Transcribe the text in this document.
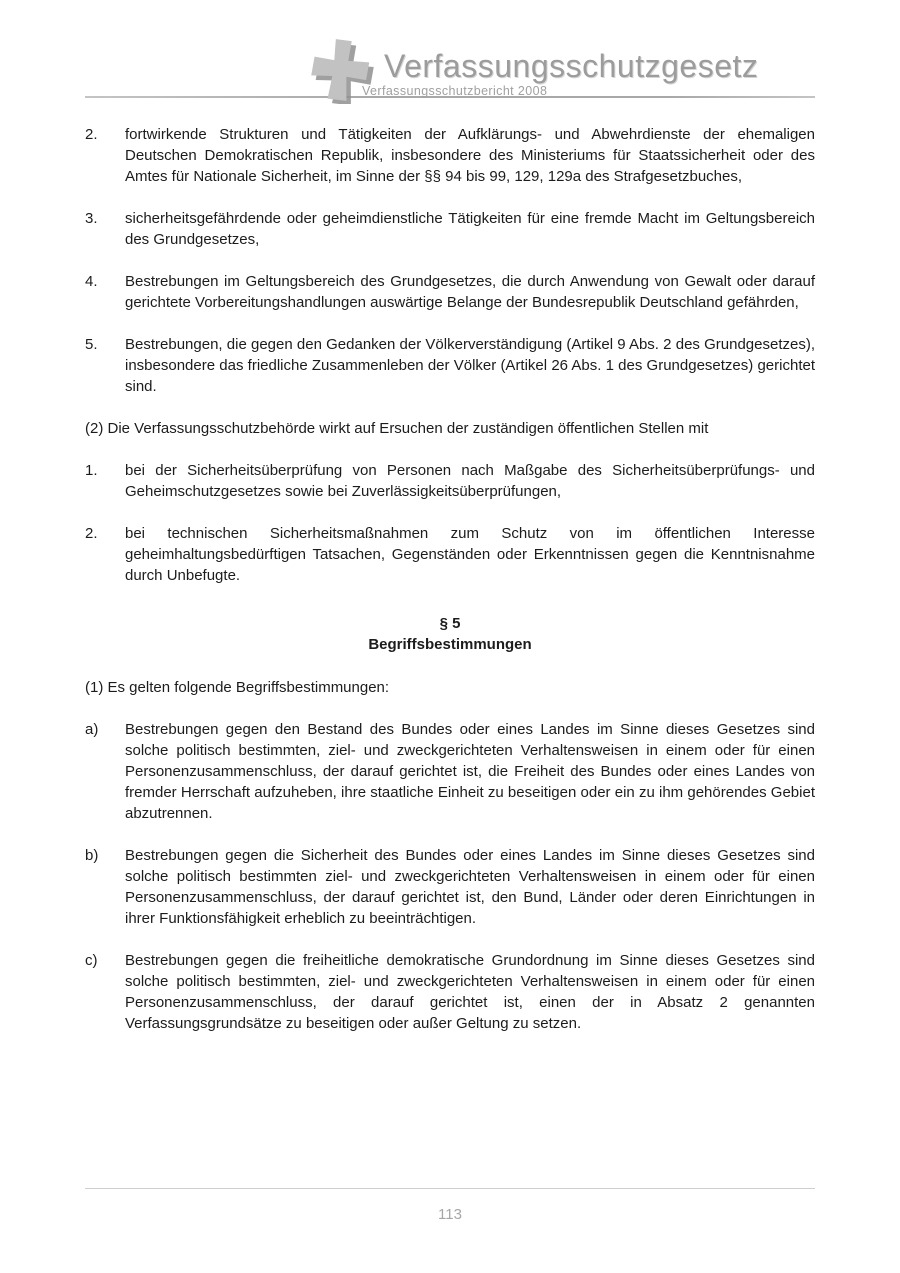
Verfassungsschutzgesetz
Verfassungsschutzbericht 2008
2.	fortwirkende Strukturen und Tätigkeiten der Aufklärungs- und Abwehrdienste der ehemaligen Deutschen Demokratischen Republik, insbesondere des Ministeriums für Staatssicherheit oder des Amtes für Nationale Sicherheit, im Sinne der §§ 94 bis 99, 129, 129a des Strafgesetzbuches,
3.	sicherheitsgefährdende oder geheimdienstliche Tätigkeiten für eine fremde Macht im Geltungsbereich des Grundgesetzes,
4.	Bestrebungen im Geltungsbereich des Grundgesetzes, die durch Anwendung von Gewalt oder darauf gerichtete Vorbereitungshandlungen auswärtige Belange der Bundesrepublik Deutschland gefährden,
5.	Bestrebungen, die gegen den Gedanken der Völkerverständigung (Artikel 9 Abs. 2 des Grundgesetzes), insbesondere das friedliche Zusammenleben der Völker (Artikel 26 Abs. 1 des Grundgesetzes) gerichtet sind.

(2) Die Verfassungsschutzbehörde wirkt auf Ersuchen der zuständigen öffentlichen Stellen mit

1.	bei der Sicherheitsüberprüfung von Personen nach Maßgabe des Sicherheitsüberprüfungs- und Geheimschutzgesetzes sowie bei Zuverlässigkeitsüberprüfungen,
2.	bei technischen Sicherheitsmaßnahmen zum Schutz von im öffentlichen Interesse geheimhaltungsbedürftigen Tatsachen, Gegenständen oder Erkenntnissen gegen die Kenntnisnahme durch Unbefugte.
§ 5
Begriffsbestimmungen

(1) Es gelten folgende Begriffsbestimmungen:

a)	Bestrebungen gegen den Bestand des Bundes oder eines Landes im Sinne dieses Gesetzes sind solche politisch bestimmten, ziel- und zweckgerichteten Verhaltensweisen in einem oder für einen Personenzusammenschluss, der darauf gerichtet ist, die Freiheit des Bundes oder eines Landes von fremder Herrschaft aufzuheben, ihre staatliche Einheit zu beseitigen oder ein zu ihm gehörendes Gebiet abzutrennen.
b)	Bestrebungen gegen die Sicherheit des Bundes oder eines Landes im Sinne dieses Gesetzes sind solche politisch bestimmten ziel- und zweckgerichteten Verhaltensweisen in einem oder für einen Personenzusammenschluss, der darauf gerichtet ist, den Bund, Länder oder deren Einrichtungen in ihrer Funktionsfähigkeit erheblich zu beeinträchtigen.
c)	Bestrebungen gegen die freiheitliche demokratische Grundordnung im Sinne dieses Gesetzes sind solche politisch bestimmten, ziel- und zweckgerichteten Verhaltensweisen in einem oder für einen Personenzusammenschluss, der darauf gerichtet ist, einen der in Absatz 2 genannten Verfassungsgrundsätze zu beseitigen oder außer Geltung zu setzen.
113
